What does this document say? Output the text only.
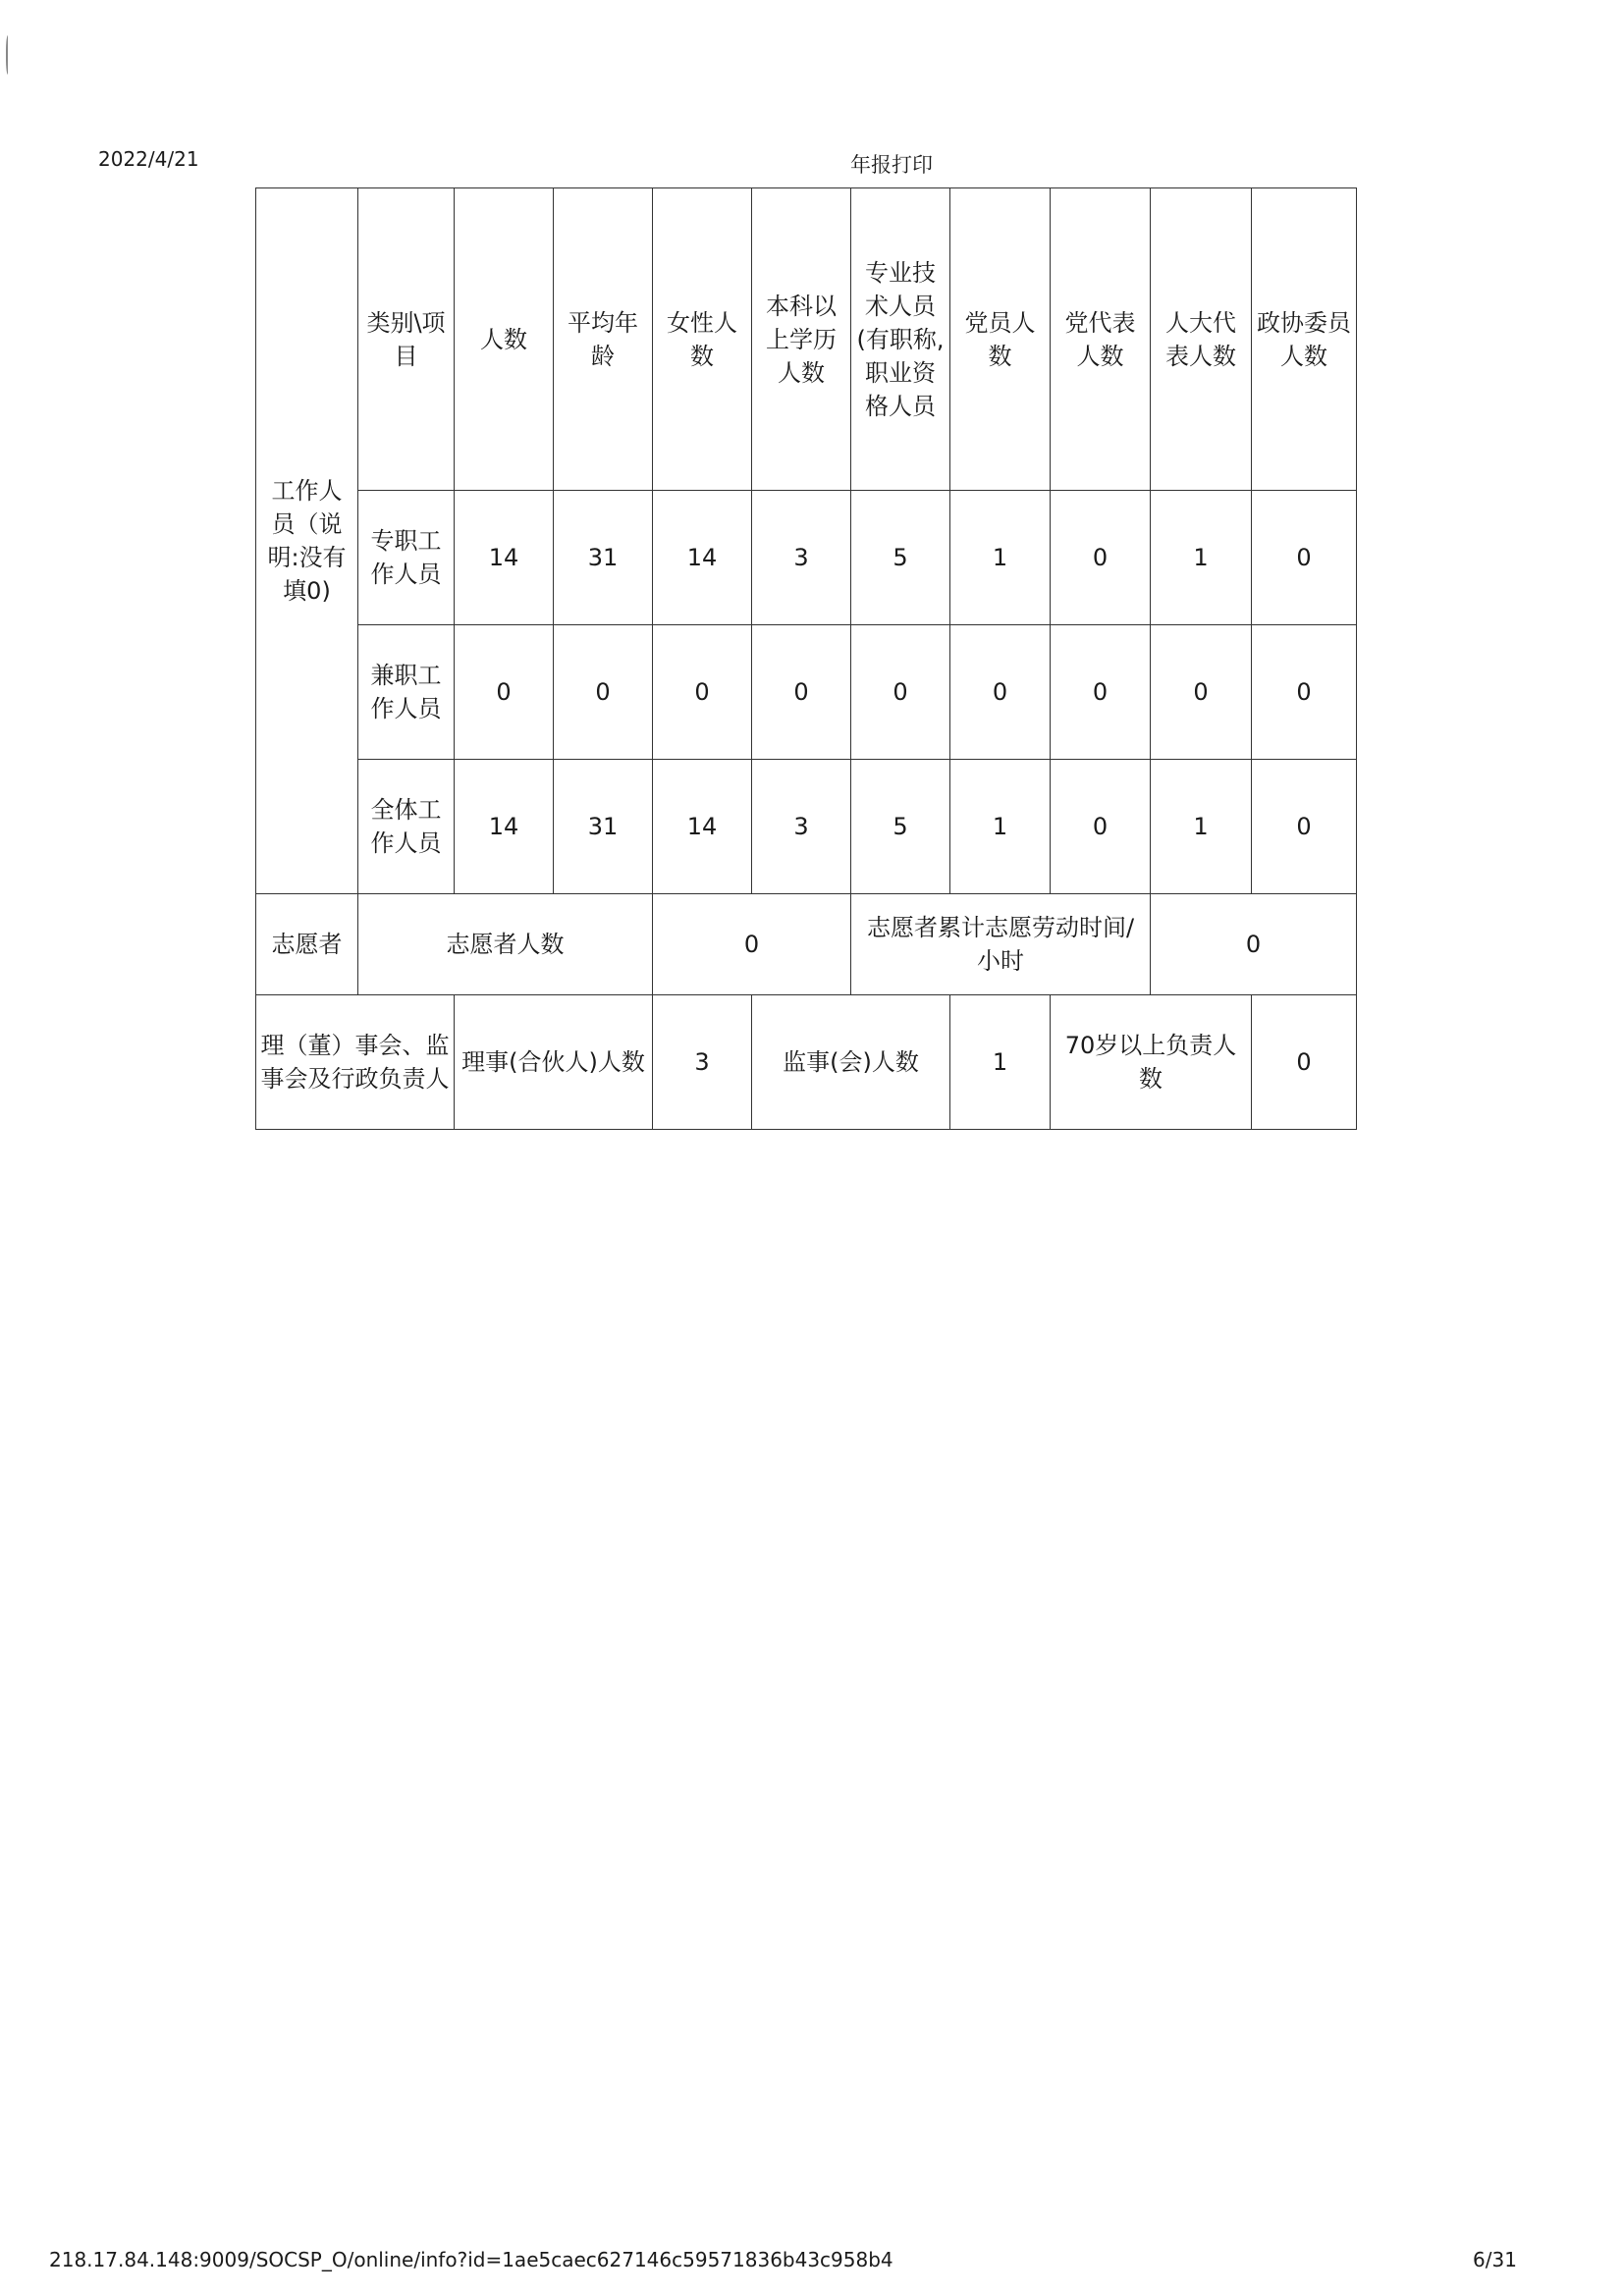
2022/4/21	年报打印
工作人员（说明:没有填0)	类别\项目	人数	平均年龄	女性人数	本科以上学历人数	专业技术人员(有职称,职业资格人员	党员人数	党代表人数	人大代表人数	政协委员人数
	专职工作人员	14	31	14	3	5	1	0	1	0
	兼职工作人员	0	0	0	0	0	0	0	0	0
	全体工作人员	14	31	14	3	5	1	0	1	0
志愿者	志愿者人数			0		志愿者累计志愿劳动时间/小时			0	
理（董）事会、监事会及行政负责人		理事(合伙人)人数		3	监事(会)人数		1	70岁以上负责人数		0
218.17.84.148:9009/SOCSP_O/online/info?id=1ae5caec627146c59571836b43c958b4	6/31
